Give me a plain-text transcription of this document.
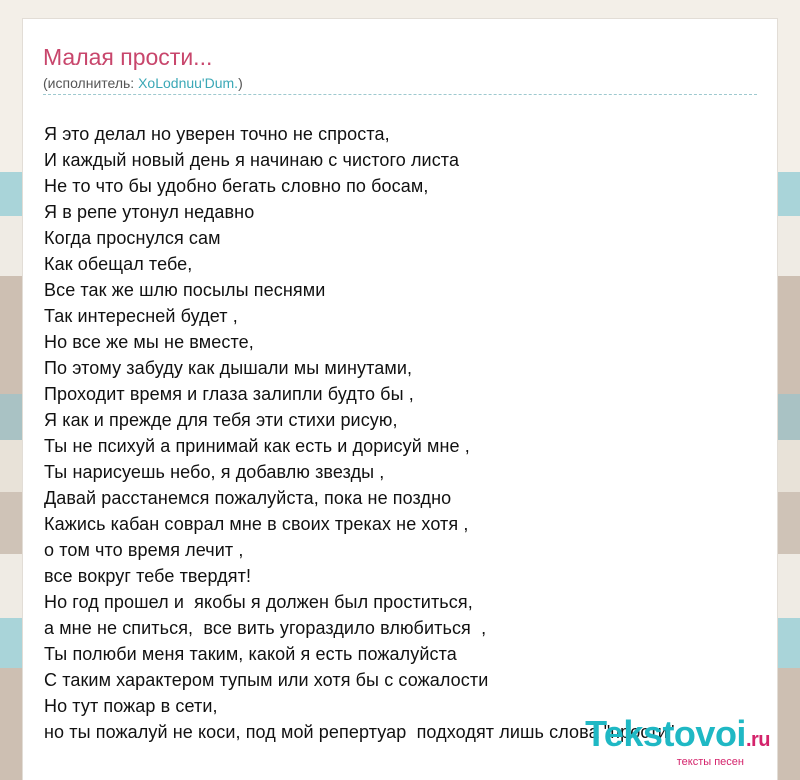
Малая прости...
(исполнитель: XoLodnuu'Dum.)
Я это делал но уверен точно не спроста,
И каждый новый день я начинаю с чистого листа
Не то что бы удобно бегать словно по босам,
Я в репе утонул недавно
Когда проснулся сам
Как обещал тебе,
Все так же шлю посылы песнями
Так интересней будет ,
Но все же мы не вместе,
По этому забуду как дышали мы минутами,
Проходит время и глаза залипли будто бы ,
Я как и прежде для тебя эти стихи рисую,
Ты не психуй а принимай как есть и дорисуй мне ,
Ты нарисуешь небо, я добавлю звезды ,
Давай расстанемся пожалуйста, пока не поздно
Кажись кабан соврал мне в своих треках не хотя ,
о том что время лечит ,
все вокруг тебе твердят!
Но год прошел и  якобы я должен был проститься,
а мне не спиться,  все вить угораздило влюбиться  ,
Ты полюби меня таким, какой я есть пожалуйста
С таким характером тупым или хотя бы с сожалости
Но тут пожар в сети,
но ты пожалуй не коси, под мой репертуар  подходят лишь слова "прости"
Tekstovoi.ru
тексты песен
